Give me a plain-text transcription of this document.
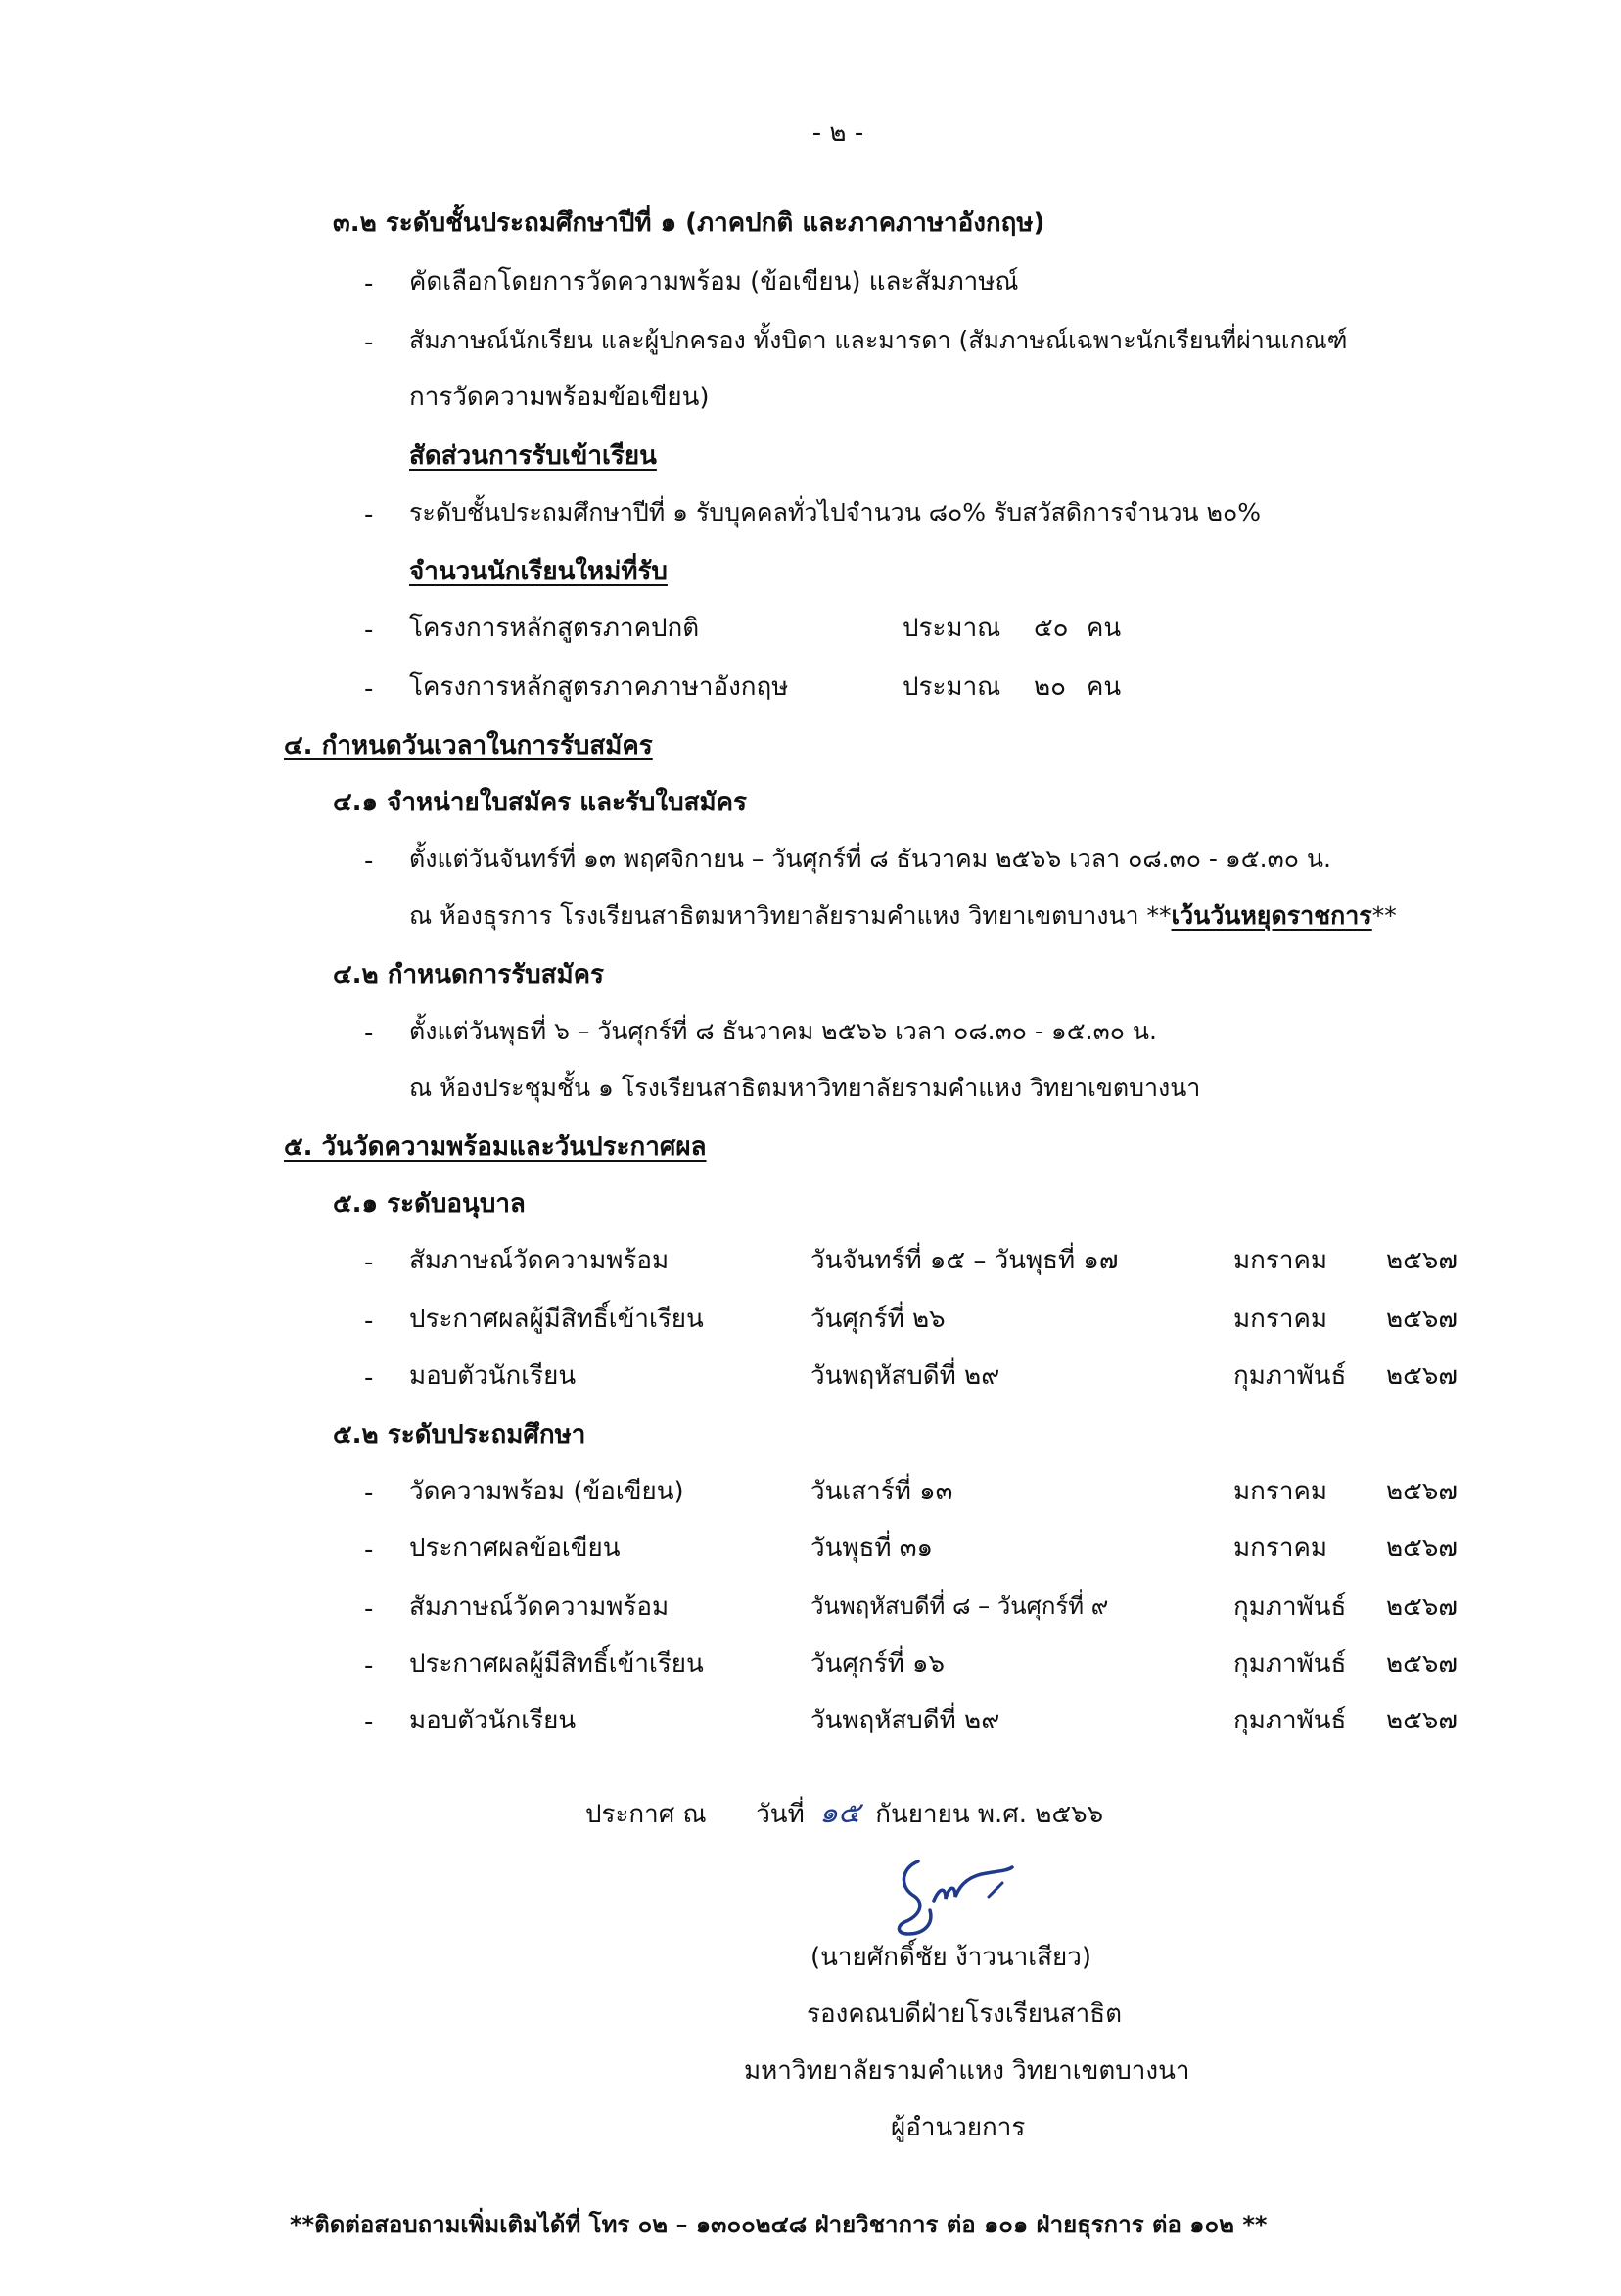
- ๒ -
๓.๒ ระดับชั้นประถมศึกษาปีที่ ๑ (ภาคปกติ และภาคภาษาอังกฤษ)
- คัดเลือกโดยการวัดความพร้อม (ข้อเขียน) และสัมภาษณ์
- สัมภาษณ์นักเรียน และผู้ปกครอง ทั้งบิดา และมารดา (สัมภาษณ์เฉพาะนักเรียนที่ผ่านเกณฑ์
การวัดความพร้อมข้อเขียน)
สัดส่วนการรับเข้าเรียน
- ระดับชั้นประถมศึกษาปีที่ ๑ รับบุคคลทั่วไปจำนวน ๘๐% รับสวัสดิการจำนวน ๒๐%
จำนวนนักเรียนใหม่ที่รับ
- โครงการหลักสูตรภาคปกติ	ประมาณ ๕๐ คน
- โครงการหลักสูตรภาคภาษาอังกฤษ	ประมาณ ๒๐ คน
๔. กำหนดวันเวลาในการรับสมัคร
๔.๑ จำหน่ายใบสมัคร และรับใบสมัคร
- ตั้งแต่วันจันทร์ที่ ๑๓ พฤศจิกายน – วันศุกร์ที่ ๘ ธันวาคม ๒๕๖๖ เวลา ๐๘.๓๐ - ๑๕.๓๐ น.
ณ ห้องธุรการ โรงเรียนสาธิตมหาวิทยาลัยรามคำแหง วิทยาเขตบางนา **เว้นวันหยุดราชการ**
๔.๒ กำหนดการรับสมัคร
- ตั้งแต่วันพุธที่ ๖ – วันศุกร์ที่ ๘ ธันวาคม ๒๕๖๖ เวลา ๐๘.๓๐ - ๑๕.๓๐ น.
ณ ห้องประชุมชั้น ๑ โรงเรียนสาธิตมหาวิทยาลัยรามคำแหง วิทยาเขตบางนา
๕. วันวัดความพร้อมและวันประกาศผล
๕.๑ ระดับอนุบาล
- สัมภาษณ์วัดความพร้อม	วันจันทร์ที่ ๑๕ – วันพุธที่ ๑๗	มกราคม ๒๕๖๗
- ประกาศผลผู้มีสิทธิ์เข้าเรียน	วันศุกร์ที่ ๒๖	มกราคม ๒๕๖๗
- มอบตัวนักเรียน	วันพฤหัสบดีที่ ๒๙	กุมภาพันธ์ ๒๕๖๗
๕.๒ ระดับประถมศึกษา
- วัดความพร้อม (ข้อเขียน)	วันเสาร์ที่ ๑๓	มกราคม ๒๕๖๗
- ประกาศผลข้อเขียน	วันพุธที่ ๓๑	มกราคม ๒๕๖๗
- สัมภาษณ์วัดความพร้อม	วันพฤหัสบดีที่ ๘ – วันศุกร์ที่ ๙	กุมภาพันธ์ ๒๕๖๗
- ประกาศผลผู้มีสิทธิ์เข้าเรียน	วันศุกร์ที่ ๑๖	กุมภาพันธ์ ๒๕๖๗
- มอบตัวนักเรียน	วันพฤหัสบดีที่ ๒๙	กุมภาพันธ์ ๒๕๖๗
ประกาศ ณ วันที่ ๑๕ กันยายน พ.ศ. ๒๕๖๖
(นายศักดิ์ชัย ง้าวนาเสียว)
รองคณบดีฝ่ายโรงเรียนสาธิต
มหาวิทยาลัยรามคำแหง วิทยาเขตบางนา
ผู้อำนวยการ
**ติดต่อสอบถามเพิ่มเติมได้ที่ โทร ๐๒ – ๑๓๐๐๒๔๘ ฝ่ายวิชาการ ต่อ ๑๐๑ ฝ่ายธุรการ ต่อ ๑๐๒ **
